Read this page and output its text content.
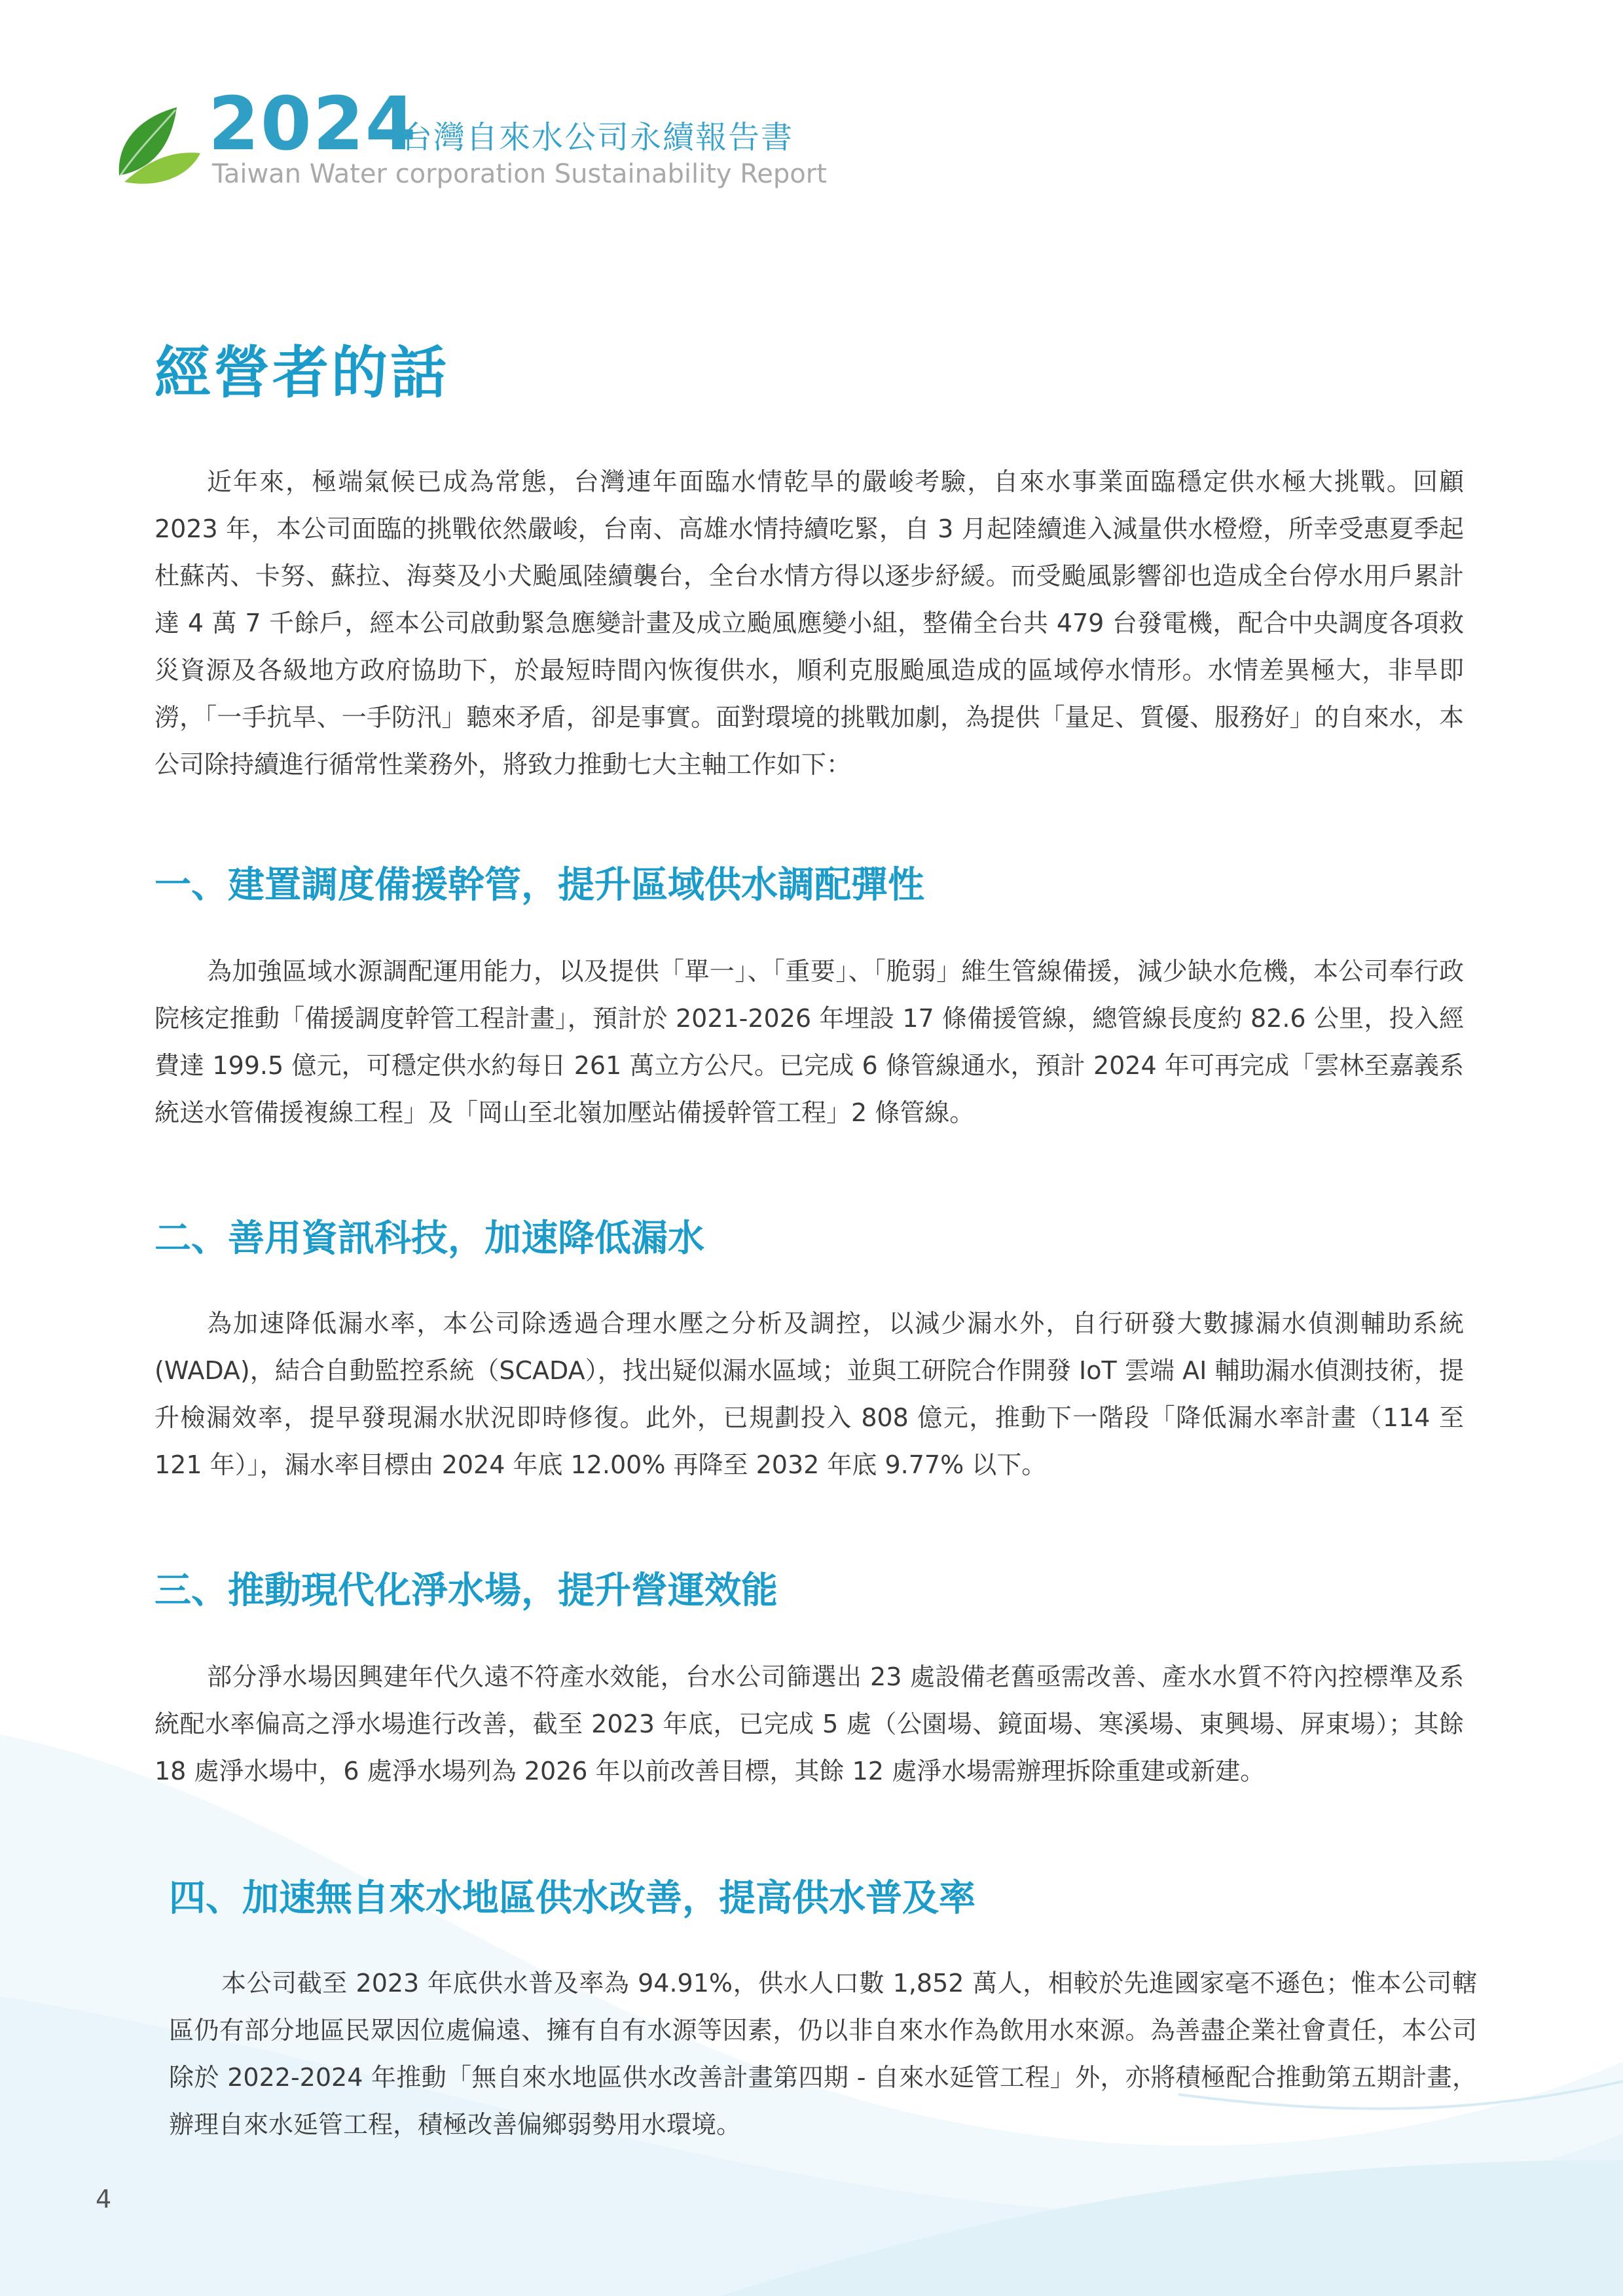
2024
台灣自來水公司永續報告書
Taiwan Water corporation Sustainability Report
經營者的話

近年來，極端氣候已成為常態，台灣連年面臨水情乾旱的嚴峻考驗，自來水事業面臨穩定供水極大挑戰。回顧 2023 年，本公司面臨的挑戰依然嚴峻，台南、高雄水情持續吃緊，自 3 月起陸續進入減量供水橙燈，所幸受惠夏季起杜蘇芮、卡努、蘇拉、海葵及小犬颱風陸續襲台，全台水情方得以逐步紓緩。而受颱風影響卻也造成全台停水用戶累計達 4 萬 7 千餘戶，經本公司啟動緊急應變計畫及成立颱風應變小組，整備全台共 479 台發電機，配合中央調度各項救災資源及各級地方政府協助下，於最短時間內恢復供水，順利克服颱風造成的區域停水情形。水情差異極大，非旱即澇，「一手抗旱、一手防汛」聽來矛盾，卻是事實。面對環境的挑戰加劇，為提供「量足、質優、服務好」的自來水，本公司除持續進行循常性業務外，將致力推動七大主軸工作如下：

一、建置調度備援幹管，提升區域供水調配彈性

為加強區域水源調配運用能力，以及提供「單一」、「重要」、「脆弱」維生管線備援，減少缺水危機，本公司奉行政院核定推動「備援調度幹管工程計畫」，預計於 2021-2026 年埋設 17 條備援管線，總管線長度約 82.6 公里，投入經費達 199.5 億元，可穩定供水約每日 261 萬立方公尺。已完成 6 條管線通水，預計 2024 年可再完成「雲林至嘉義系統送水管備援複線工程」及「岡山至北嶺加壓站備援幹管工程」2 條管線。

二、善用資訊科技，加速降低漏水

為加速降低漏水率，本公司除透過合理水壓之分析及調控，以減少漏水外，自行研發大數據漏水偵測輔助系統 (WADA)，結合自動監控系統（SCADA），找出疑似漏水區域；並與工研院合作開發 IoT 雲端 AI 輔助漏水偵測技術，提升檢漏效率，提早發現漏水狀況即時修復。此外，已規劃投入 808 億元，推動下一階段「降低漏水率計畫（114 至 121 年）」，漏水率目標由 2024 年底 12.00% 再降至 2032 年底 9.77% 以下。

三、推動現代化淨水場，提升營運效能

部分淨水場因興建年代久遠不符產水效能，台水公司篩選出 23 處設備老舊亟需改善、產水水質不符內控標準及系統配水率偏高之淨水場進行改善，截至 2023 年底，已完成 5 處（公園場、鏡面場、寒溪場、東興場、屏東場）；其餘 18 處淨水場中，6 處淨水場列為 2026 年以前改善目標，其餘 12 處淨水場需辦理拆除重建或新建。

四、加速無自來水地區供水改善，提高供水普及率

本公司截至 2023 年底供水普及率為 94.91%，供水人口數 1,852 萬人，相較於先進國家毫不遜色；惟本公司轄區仍有部分地區民眾因位處偏遠、擁有自有水源等因素，仍以非自來水作為飲用水來源。為善盡企業社會責任，本公司除於 2022-2024 年推動「無自來水地區供水改善計畫第四期 - 自來水延管工程」外，亦將積極配合推動第五期計畫，辦理自來水延管工程，積極改善偏鄉弱勢用水環境。

4
